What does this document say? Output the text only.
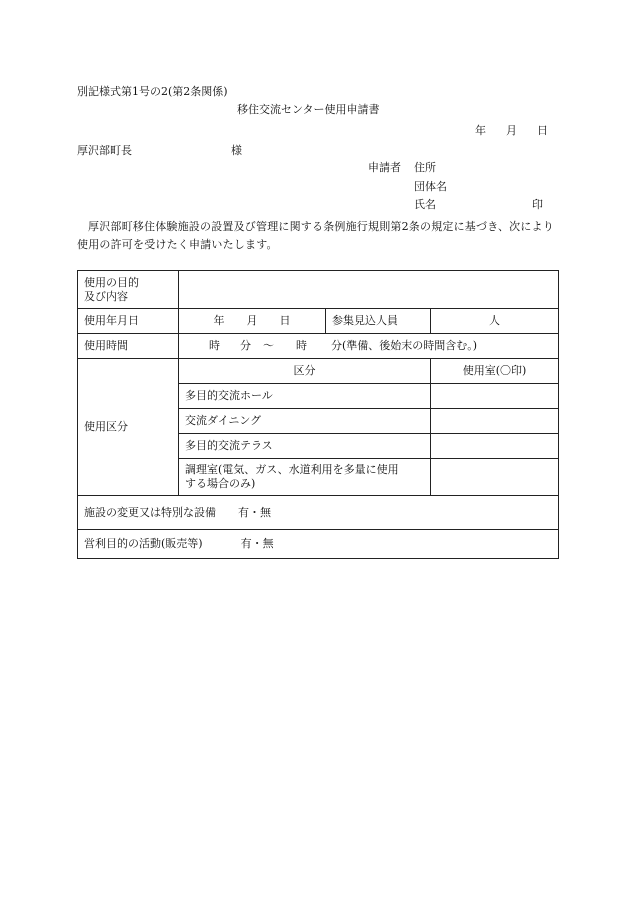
別記様式第1号の2(第2条関係)
移住交流センター使用申請書
年 月 日
厚沢部町長	様
申請者 住所
団体名
氏名	印
厚沢部町移住体験施設の設置及び管理に関する条例施行規則第2条の規定に基づき、次により使用の許可を受けたく申請いたします。
使用の目的
及び内容			

使用年月日	年 月 日	参集見込人員	人
使用時間	時 分 ～ 時 分(準備、後始末の時間含む。)		
使用区分	区分		使用室(〇印)
	多目的交流ホール		
	交流ダイニング		
	多目的交流テラス		

	調理室(電気、ガス、水道利用を多量に使用
する場合のみ)		

施設の変更又は特別な設備 有・無			
営利目的の活動(販売等) 有・無			
